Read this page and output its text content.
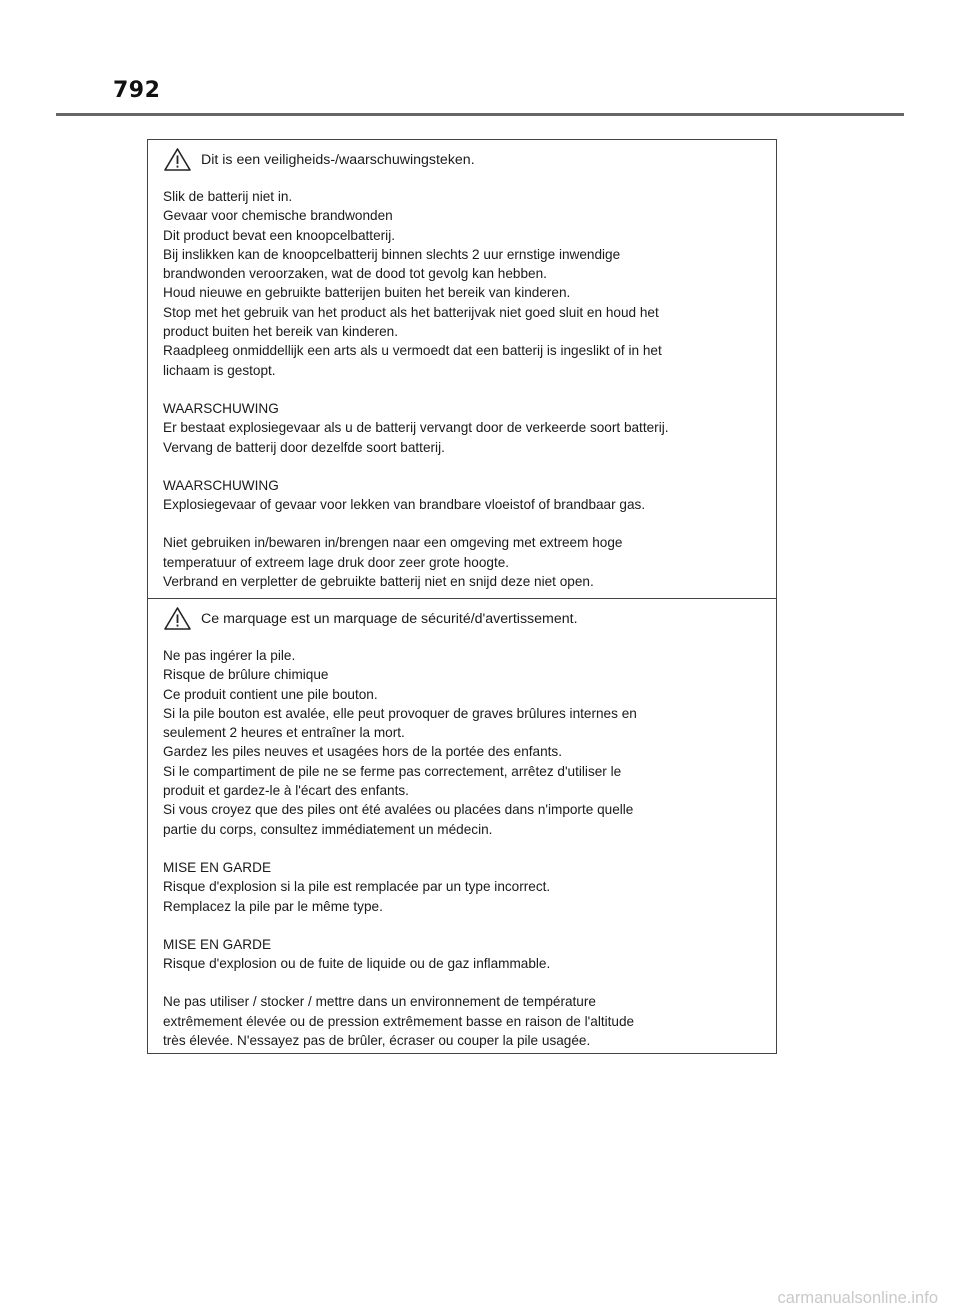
792
Dit is een veiligheids-/waarschuwingsteken.

Slik de batterij niet in.
Gevaar voor chemische brandwonden
Dit product bevat een knoopcelbatterij.
Bij inslikken kan de knoopcelbatterij binnen slechts 2 uur ernstige inwendige
brandwonden veroorzaken, wat de dood tot gevolg kan hebben.
Houd nieuwe en gebruikte batterijen buiten het bereik van kinderen.
Stop met het gebruik van het product als het batterijvak niet goed sluit en houd het
product buiten het bereik van kinderen.
Raadpleeg onmiddellijk een arts als u vermoedt dat een batterij is ingeslikt of in het
lichaam is gestopt.

WAARSCHUWING
Er bestaat explosiegevaar als u de batterij vervangt door de verkeerde soort batterij.
Vervang de batterij door dezelfde soort batterij.

WAARSCHUWING
Explosiegevaar of gevaar voor lekken van brandbare vloeistof of brandbaar gas.

Niet gebruiken in/bewaren in/brengen naar een omgeving met extreem hoge
temperatuur of extreem lage druk door zeer grote hoogte.
Verbrand en verpletter de gebruikte batterij niet en snijd deze niet open.

Ce marquage est un marquage de sécurité/d'avertissement.

Ne pas ingérer la pile.
Risque de brûlure chimique
Ce produit contient une pile bouton.
Si la pile bouton est avalée, elle peut provoquer de graves brûlures internes en
seulement 2 heures et entraîner la mort.
Gardez les piles neuves et usagées hors de la portée des enfants.
Si le compartiment de pile ne se ferme pas correctement, arrêtez d'utiliser le
produit et gardez-le à l'écart des enfants.
Si vous croyez que des piles ont été avalées ou placées dans n'importe quelle
partie du corps, consultez immédiatement un médecin.

MISE EN GARDE
Risque d'explosion si la pile est remplacée par un type incorrect.
Remplacez la pile par le même type.

MISE EN GARDE
Risque d'explosion ou de fuite de liquide ou de gaz inflammable.

Ne pas utiliser / stocker / mettre dans un environnement de température
extrêmement élevée ou de pression extrêmement basse en raison de l'altitude
très élevée. N'essayez pas de brûler, écraser ou couper la pile usagée.

carmanualsonline.info
